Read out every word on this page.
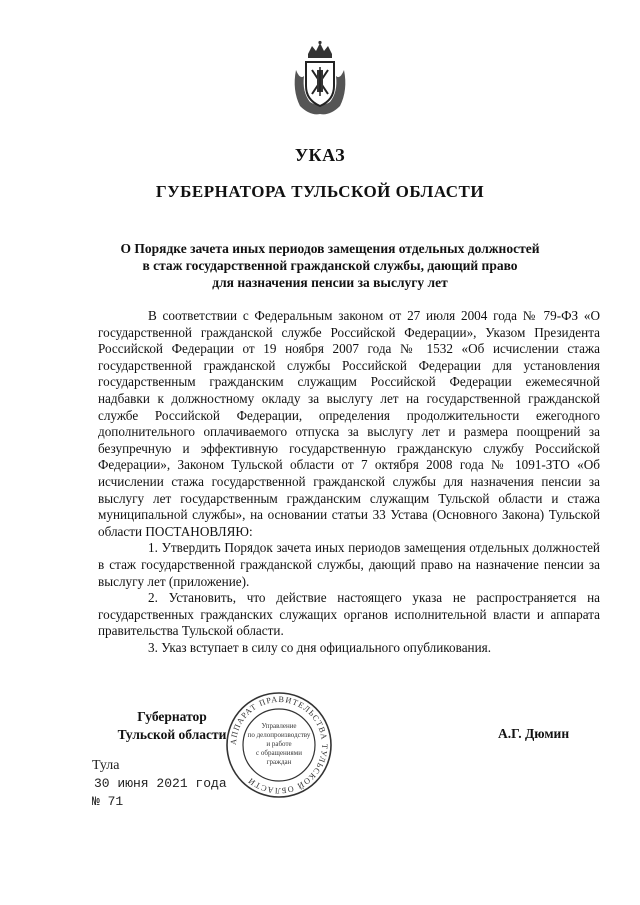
УКАЗ
ГУБЕРНАТОРА ТУЛЬСКОЙ ОБЛАСТИ
О Порядке зачета иных периодов замещения отдельных должностей
в стаж государственной гражданской службы, дающий право
для назначения пенсии за выслугу лет

В соответствии с Федеральным законом от 27 июля 2004 года № 79-ФЗ «О государственной гражданской службе Российской Федерации», Указом Президента Российской Федерации от 19 ноября 2007 года № 1532 «Об исчислении стажа государственной гражданской службы Российской Федерации для установления государственным гражданским служащим Российской Федерации ежемесячной надбавки к должностному окладу за выслугу лет на государственной гражданской службе Российской Федерации, определения продолжительности ежегодного дополнительного оплачиваемого отпуска за выслугу лет и размера поощрений за безупречную и эффективную государственную гражданскую службу Российской Федерации», Законом Тульской области от 7 октября 2008 года № 1091-ЗТО «Об исчислении стажа государственной гражданской службы для назначения пенсии за выслугу лет государственным гражданским служащим Тульской области и стажа муниципальной службы», на основании статьи 33 Устава (Основного Закона) Тульской области ПОСТАНОВЛЯЮ:

1. Утвердить Порядок зачета иных периодов замещения отдельных должностей в стаж государственной гражданской службы, дающий право на назначение пенсии за выслугу лет (приложение).

2. Установить, что действие настоящего указа не распространяется на государственных гражданских служащих органов исполнительной власти и аппарата правительства Тульской области.

3. Указ вступает в силу со дня официального опубликования.

АППАРАТ ПРАВИТЕЛЬСТВА ТУЛЬСКОЙ ОБЛАСТИ
Управление
по делопроизводству
и работе
с обращениями
граждан
Губернатор
Тульской области	А.Г. Дюмин
Тула
30 июня 2021 года
№ 71
